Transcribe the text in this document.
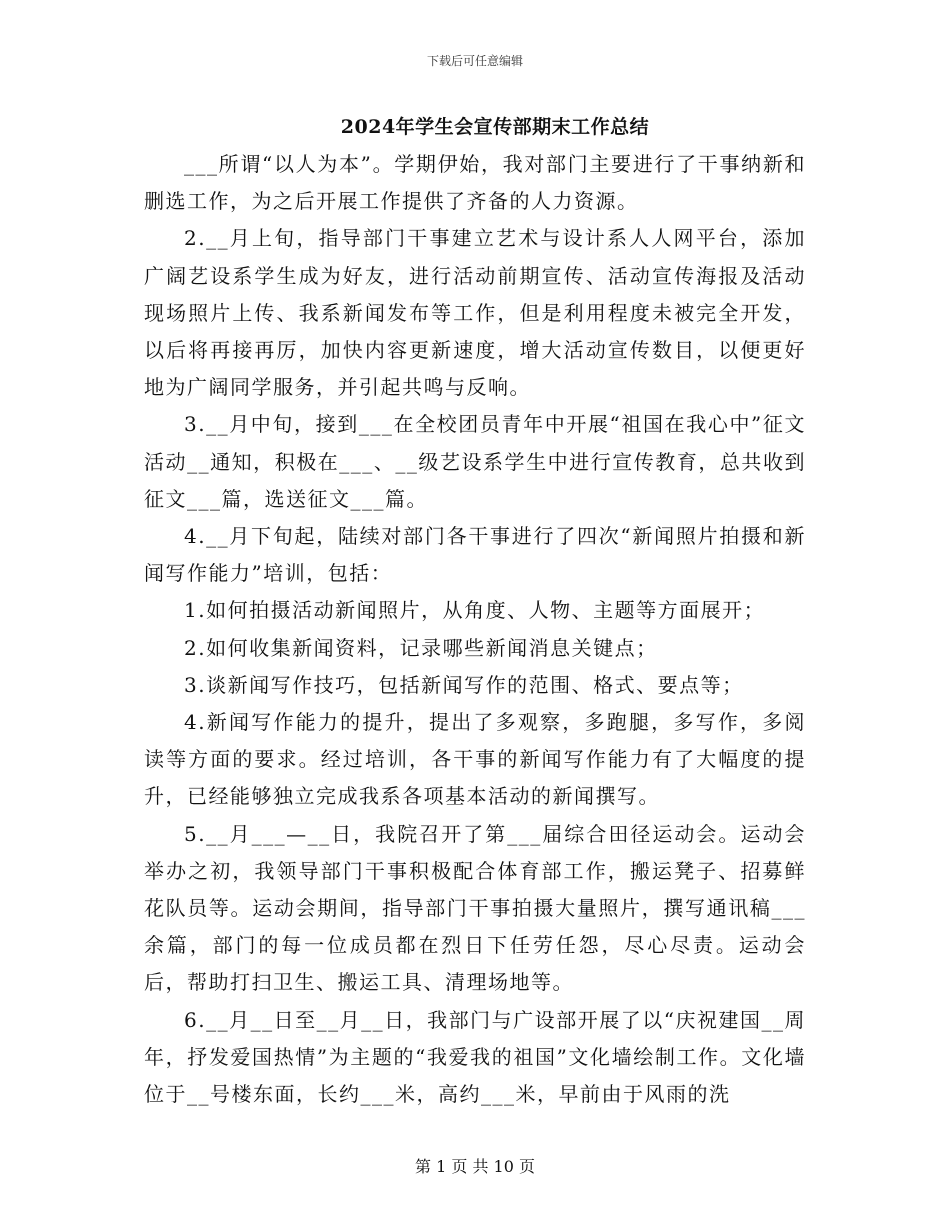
下载后可任意编辑
2024年学生会宣传部期末工作总结

___所谓“以人为本”。学期伊始，我对部门主要进行了干事纳新和删选工作，为之后开展工作提供了齐备的人力资源。

2.__月上旬，指导部门干事建立艺术与设计系人人网平台，添加广阔艺设系学生成为好友，进行活动前期宣传、活动宣传海报及活动现场照片上传、我系新闻发布等工作，但是利用程度未被完全开发，以后将再接再厉，加快内容更新速度，增大活动宣传数目，以便更好地为广阔同学服务，并引起共鸣与反响。

3.__月中旬，接到___在全校团员青年中开展“祖国在我心中”征文活动__通知，积极在___、__级艺设系学生中进行宣传教育，总共收到征文___篇，选送征文___篇。

4.__月下旬起，陆续对部门各干事进行了四次“新闻照片拍摄和新闻写作能力”培训，包括：

1.如何拍摄活动新闻照片，从角度、人物、主题等方面展开；

2.如何收集新闻资料，记录哪些新闻消息关键点；

3.谈新闻写作技巧，包括新闻写作的范围、格式、要点等；

4.新闻写作能力的提升，提出了多观察，多跑腿，多写作，多阅读等方面的要求。经过培训，各干事的新闻写作能力有了大幅度的提升，已经能够独立完成我系各项基本活动的新闻撰写。

5.__月___—__日，我院召开了第___届综合田径运动会。运动会举办之初，我领导部门干事积极配合体育部工作，搬运凳子、招募鲜花队员等。运动会期间，指导部门干事拍摄大量照片，撰写通讯稿___余篇，部门的每一位成员都在烈日下任劳任怨，尽心尽责。运动会后，帮助打扫卫生、搬运工具、清理场地等。

6.__月__日至__月__日，我部门与广设部开展了以“庆祝建国__周年，抒发爱国热情”为主题的“我爱我的祖国”文化墙绘制工作。文化墙位于__号楼东面，长约___米，高约___米，早前由于风雨的洗

第 1 页 共 10 页
